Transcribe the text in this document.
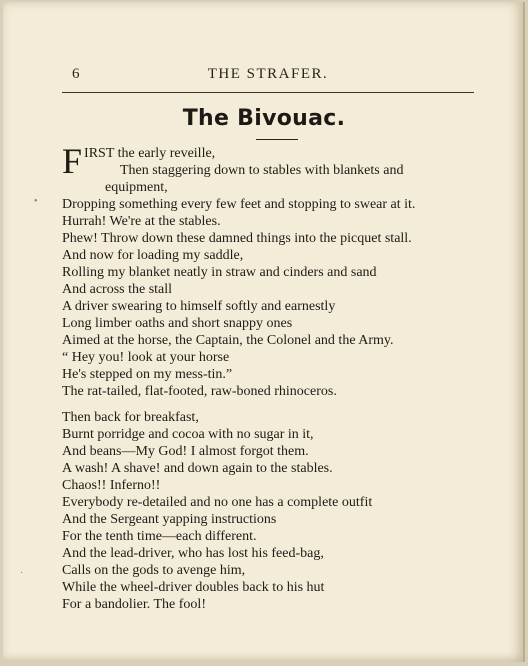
6	THE STRAFER.
The Bivouac.
FIRST the early reveille,
Then staggering down to stables with blankets and
equipment,
Dropping something every few feet and stopping to swear at it.
Hurrah! We're at the stables.
Phew! Throw down these damned things into the picquet stall.
And now for loading my saddle,
Rolling my blanket neatly in straw and cinders and sand
And across the stall
A driver swearing to himself softly and earnestly
Long limber oaths and short snappy ones
Aimed at the horse, the Captain, the Colonel and the Army.
“ Hey you! look at your horse
He's stepped on my mess-tin.”
The rat-tailed, flat-footed, raw-boned rhinoceros.
Then back for breakfast,
Burnt porridge and cocoa with no sugar in it,
And beans—My God! I almost forgot them.
A wash! A shave! and down again to the stables.
Chaos!! Inferno!!
Everybody re-detailed and no one has a complete outfit
And the Sergeant yapping instructions
For the tenth time—each different.
And the lead-driver, who has lost his feed-bag,
Calls on the gods to avenge him,
While the wheel-driver doubles back to his hut
For a bandolier. The fool!
•
·
